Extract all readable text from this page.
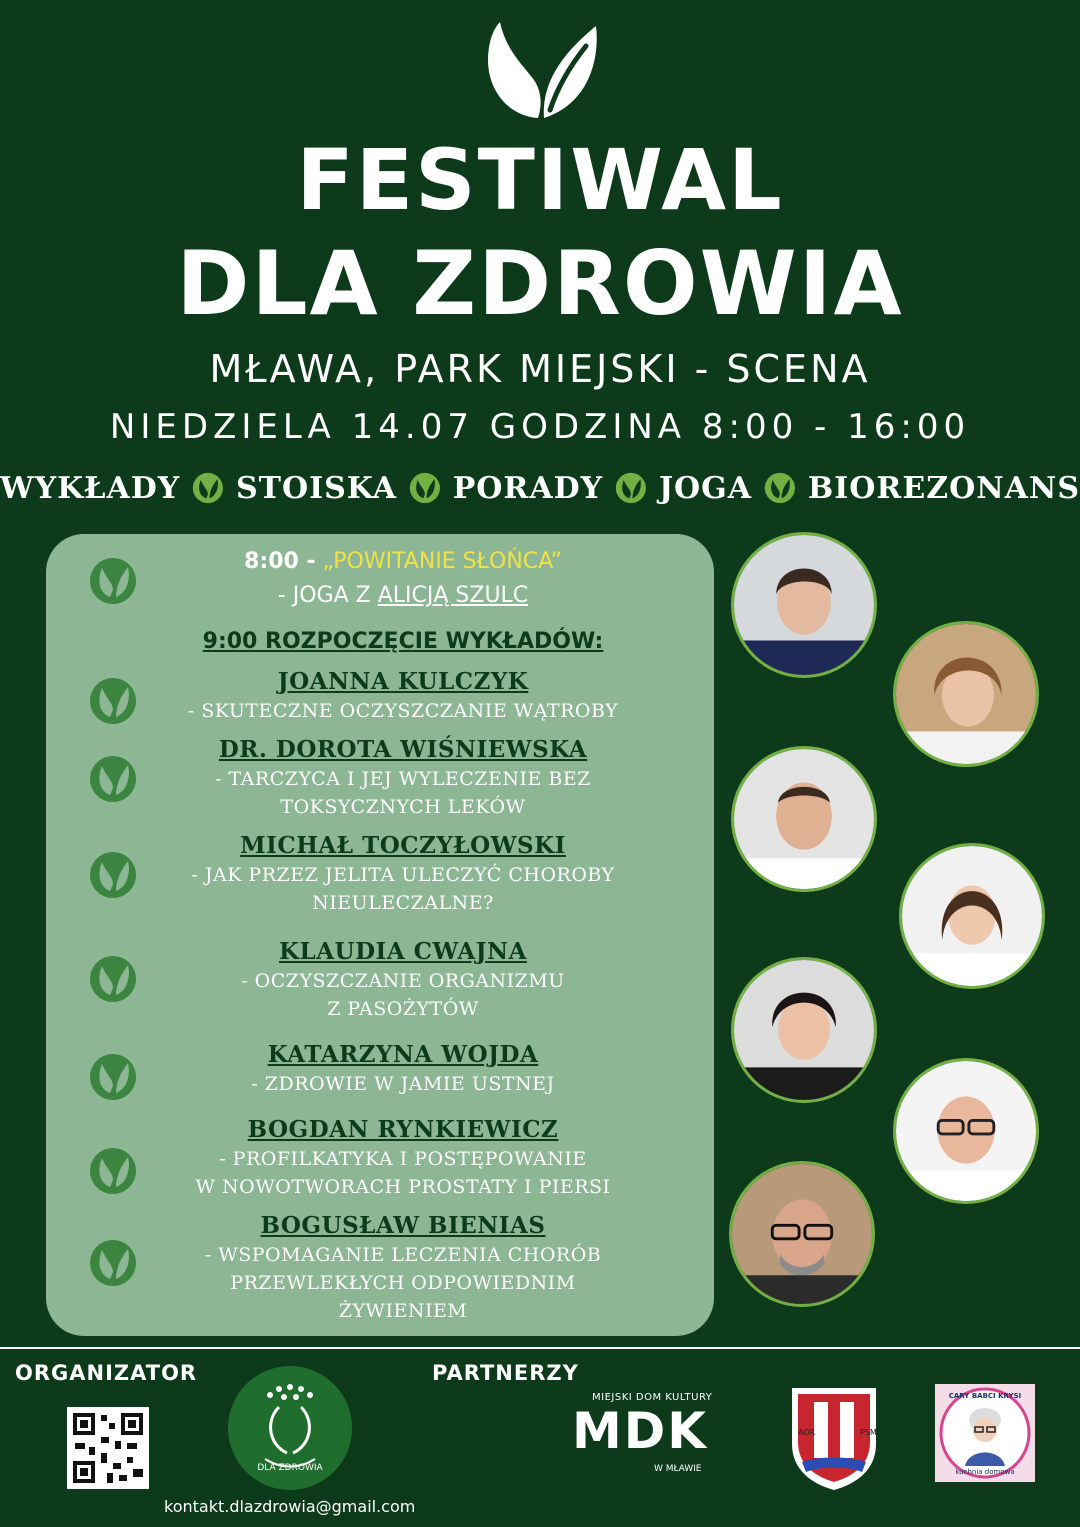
FESTIWAL
DLA ZDROWIA
MŁAWA, PARK MIEJSKI - SCENA
NIEDZIELA 14.07 GODZINA 8:00 - 16:00
WYKŁADY STOISKA PORADY JOGA BIOREZONANS
8:00 - „POWITANIE SŁOŃCA”
- JOGA Z ALICJĄ SZULC
9:00 ROZPOCZĘCIE WYKŁADÓW:
JOANNA KULCZYK
- SKUTECZNE OCZYSZCZANIE WĄTROBY
DR. DOROTA WIŚNIEWSKA
- TARCZYCA I JEJ WYLECZENIE BEZ
TOKSYCZNYCH LEKÓW
MICHAŁ TOCZYŁOWSKI
- JAK PRZEZ JELITA ULECZYĆ CHOROBY
NIEULECZALNE?
KLAUDIA CWAJNA
- OCZYSZCZANIE ORGANIZMU
Z PASOŻYTÓW
KATARZYNA WOJDA
- ZDROWIE W JAMIE USTNEJ
BOGDAN RYNKIEWICZ
- PROFILKATYKA I POSTĘPOWANIE
W NOWOTWORACH PROSTATY I PIERSI
BOGUSŁAW BIENIAS
- WSPOMAGANIE LECZENIA CHORÓB
PRZEWLEKŁYCH ODPOWIEDNIM
ŻYWIENIEM
ORGANIZATOR	PARTNERZY
DLA ZDROWIA
kontakt.dlazdrowia@gmail.com
MIEJSKI DOM KULTURY
MDK
W MŁAWIE
AOR	PSM
CARY BABCI KRYSI
kuchnia domowa
